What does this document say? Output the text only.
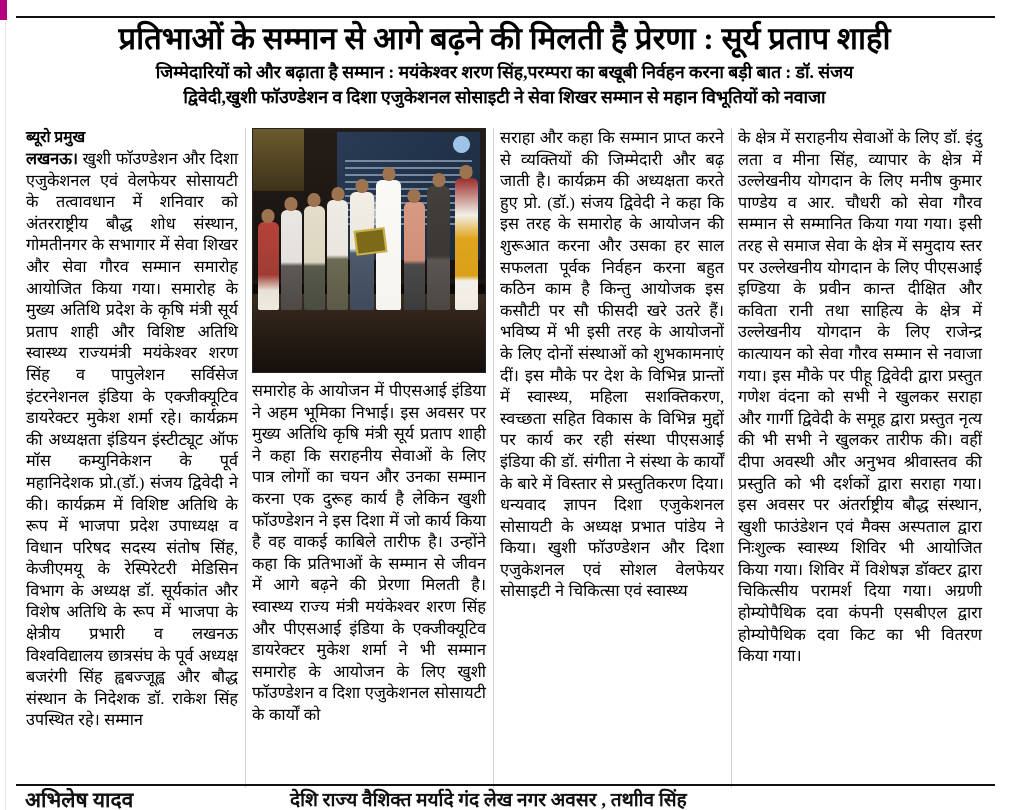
प्रतिभाओं के सम्मान से आगे बढ़ने की मिलती है प्रेरणा : सूर्य प्रताप शाही
जिम्मेदारियों को और बढ़ाता है सम्मान : मयंकेश्वर शरण सिंह,परम्परा का बखूबी निर्वहन करना बड़ी बात : डॉ. संजय
द्विवेदी,खुशी फाॅउण्डेशन व दिशा एजुकेशनल सोसाइटी ने सेवा शिखर सम्मान से महान विभूतियों को नवाजा
ब्यूरो प्रमुख

लखनऊ। खुशी फाॅउण्डेशन और दिशा एजुकेशनल एवं वेलफेयर सोसायटी के तत्वावधान में शनिवार को अंतरराष्ट्रीय बौद्ध शोध संस्थान, गोमतीनगर के सभागार में सेवा शिखर और सेवा गौरव सम्मान समारोह आयोजित किया गया। समारोह के मुख्य अतिथि प्रदेश के कृषि मंत्री सूर्य प्रताप शाही और विशिष्ट अतिथि स्वास्थ्य राज्यमंत्री मयंकेश्वर शरण सिंह व पापुलेशन सर्विसेज इंटरनेशनल इंडिया के एक्जीक्यूटिव डायरेक्टर मुकेश शर्मा रहे। कार्यक्रम की अध्यक्षता इंडियन इंस्टीट्यूट ऑफ मॉस कम्युनिकेशन के पूर्व महानिदेशक प्रो.(डॉ.) संजय द्विवेदी ने की। कार्यक्रम में विशिष्ट अतिथि के रूप में भाजपा प्रदेश उपाध्यक्ष व विधान परिषद सदस्य संतोष सिंह, केजीएमयू के रेस्पिरेटरी मेडिसिन विभाग के अध्यक्ष डॉ. सूर्यकांत और विशेष अतिथि के रूप में भाजपा के क्षेत्रीय प्रभारी व लखनऊ विश्वविद्यालय छात्रसंघ के पूर्व अध्यक्ष बजरंगी सिंह ह्वबज्जूह्व और बौद्ध संस्थान के निदेशक डॉ. राकेश सिंह उपस्थित रहे। सम्मान

समारोह के आयोजन में पीएसआई इंडिया ने अहम भूमिका निभाई। इस अवसर पर मुख्य अतिथि कृषि मंत्री सूर्य प्रताप शाही ने कहा कि सराहनीय सेवाओं के लिए पात्र लोगों का चयन और उनका सम्मान करना एक दुरूह कार्य है लेकिन खुशी फाॅउण्डेशन ने इस दिशा में जो कार्य किया है वह वाकई काबिले तारीफ है। उन्होंने कहा कि प्रतिभाओं के सम्मान से जीवन में आगे बढ़ने की प्रेरणा मिलती है। स्वास्थ्य राज्य मंत्री मयंकेश्वर शरण सिंह और पीएसआई इंडिया के एक्जीक्यूटिव डायरेक्टर मुकेश शर्मा ने भी सम्मान समारोह के आयोजन के लिए खुशी फाॅउण्डेशन व दिशा एजुकेशनल सोसायटी के कार्यों को

सराहा और कहा कि सम्मान प्राप्त करने से व्यक्तियों की जिम्मेदारी और बढ़ जाती है। कार्यक्रम की अध्यक्षता करते हुए प्रो. (डॉ.) संजय द्विवेदी ने कहा कि इस तरह के समारोह के आयोजन की शुरूआत करना और उसका हर साल सफलता पूर्वक निर्वहन करना बहुत कठिन काम है किन्तु आयोजक इस कसौटी पर सौ फीसदी खरे उतरे हैं। भविष्य में भी इसी तरह के आयोजनों के लिए दोनों संस्थाओं को शुभकामनाएं दीं। इस मौके पर देश के विभिन्न प्रान्तों में स्वास्थ्य, महिला सशक्तिकरण, स्वच्छता सहित विकास के विभिन्न मुद्दों पर कार्य कर रही संस्था पीएसआई इंडिया की डॉ. संगीता ने संस्था के कार्यों के बारे में विस्तार से प्रस्तुतिकरण दिया। धन्यवाद ज्ञापन दिशा एजुकेशनल सोसायटी के अध्यक्ष प्रभात पांडेय ने किया। खुशी फाॅउण्डेशन और दिशा एजुकेशनल एवं सोशल वेलफेयर सोसाइटी ने चिकित्सा एवं स्वास्थ्य

के क्षेत्र में सराहनीय सेवाओं के लिए डॉ. इंदु लता व मीना सिंह, व्यापार के क्षेत्र में उल्लेखनीय योगदान के लिए मनीष कुमार पाण्डेय व आर. चौधरी को सेवा गौरव सम्मान से सम्मानित किया गया गया। इसी तरह से समाज सेवा के क्षेत्र में समुदाय स्तर पर उल्लेखनीय योगदान के लिए पीएसआई इण्डिया के प्रवीन कान्त दीक्षित और कविता रानी तथा साहित्य के क्षेत्र में उल्लेखनीय योगदान के लिए राजेन्द्र कात्यायन को सेवा गौरव सम्मान से नवाजा गया। इस मौके पर पीहू द्विवेदी द्वारा प्रस्तुत गणेश वंदना को सभी ने खुलकर सराहा और गार्गी द्विवेदी के समूह द्वारा प्रस्तुत नृत्य की भी सभी ने खुलकर तारीफ की। वहीं दीपा अवस्थी और अनुभव श्रीवास्तव की प्रस्तुति को भी दर्शकों द्वारा सराहा गया। इस अवसर पर अंतर्राष्ट्रीय बौद्ध संस्थान, खुशी फाउंडेशन एवं मैक्स अस्पताल द्वारा निःशुल्क स्वास्थ्य शिविर भी आयोजित किया गया। शिविर में विशेषज्ञ डॉक्टर द्वारा चिकित्सीय परामर्श दिया गया। अग्रणी होम्योपैथिक दवा कंपनी एसबीएल द्वारा होम्योपैथिक दवा किट का भी वितरण किया गया।

अभिलेष यादव	देशि राज्य वैशिक्त मर्यादे गंद लेख नगर अवसर , तथाीव सिंह
